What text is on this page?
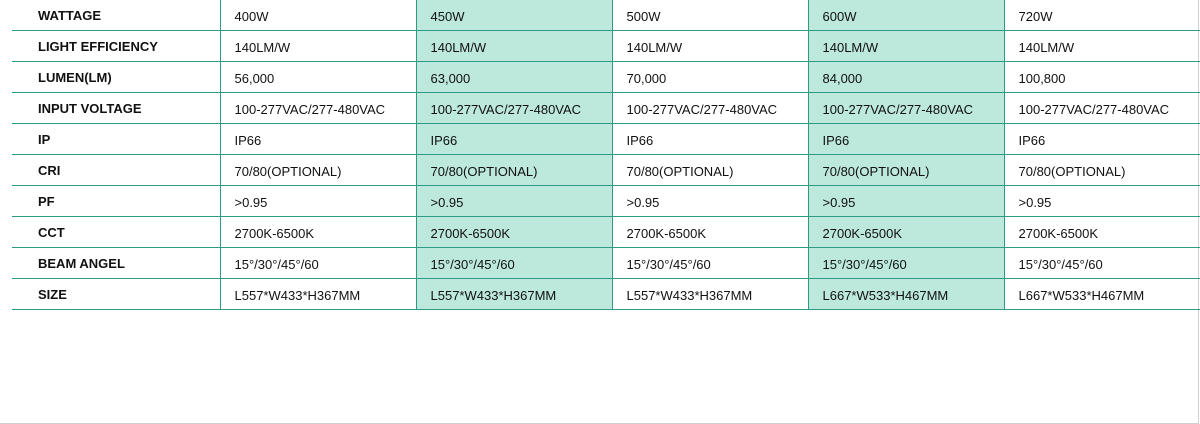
WATTAGE	400W	450W	500W	600W	720W
LIGHT EFFICIENCY	140LM/W	140LM/W	140LM/W	140LM/W	140LM/W
LUMEN(LM)	56,000	63,000	70,000	84,000	100,800
INPUT VOLTAGE	100-277VAC/277-480VAC	100-277VAC/277-480VAC	100-277VAC/277-480VAC	100-277VAC/277-480VAC	100-277VAC/277-480VAC
IP	IP66	IP66	IP66	IP66	IP66
CRI	70/80(OPTIONAL)	70/80(OPTIONAL)	70/80(OPTIONAL)	70/80(OPTIONAL)	70/80(OPTIONAL)
PF	>0.95	>0.95	>0.95	>0.95	>0.95
CCT	2700K-6500K	2700K-6500K	2700K-6500K	2700K-6500K	2700K-6500K
BEAM ANGEL	15°/30°/45°/60	15°/30°/45°/60	15°/30°/45°/60	15°/30°/45°/60	15°/30°/45°/60
SIZE	L557*W433*H367MM	L557*W433*H367MM	L557*W433*H367MM	L667*W533*H467MM	L667*W533*H467MM
